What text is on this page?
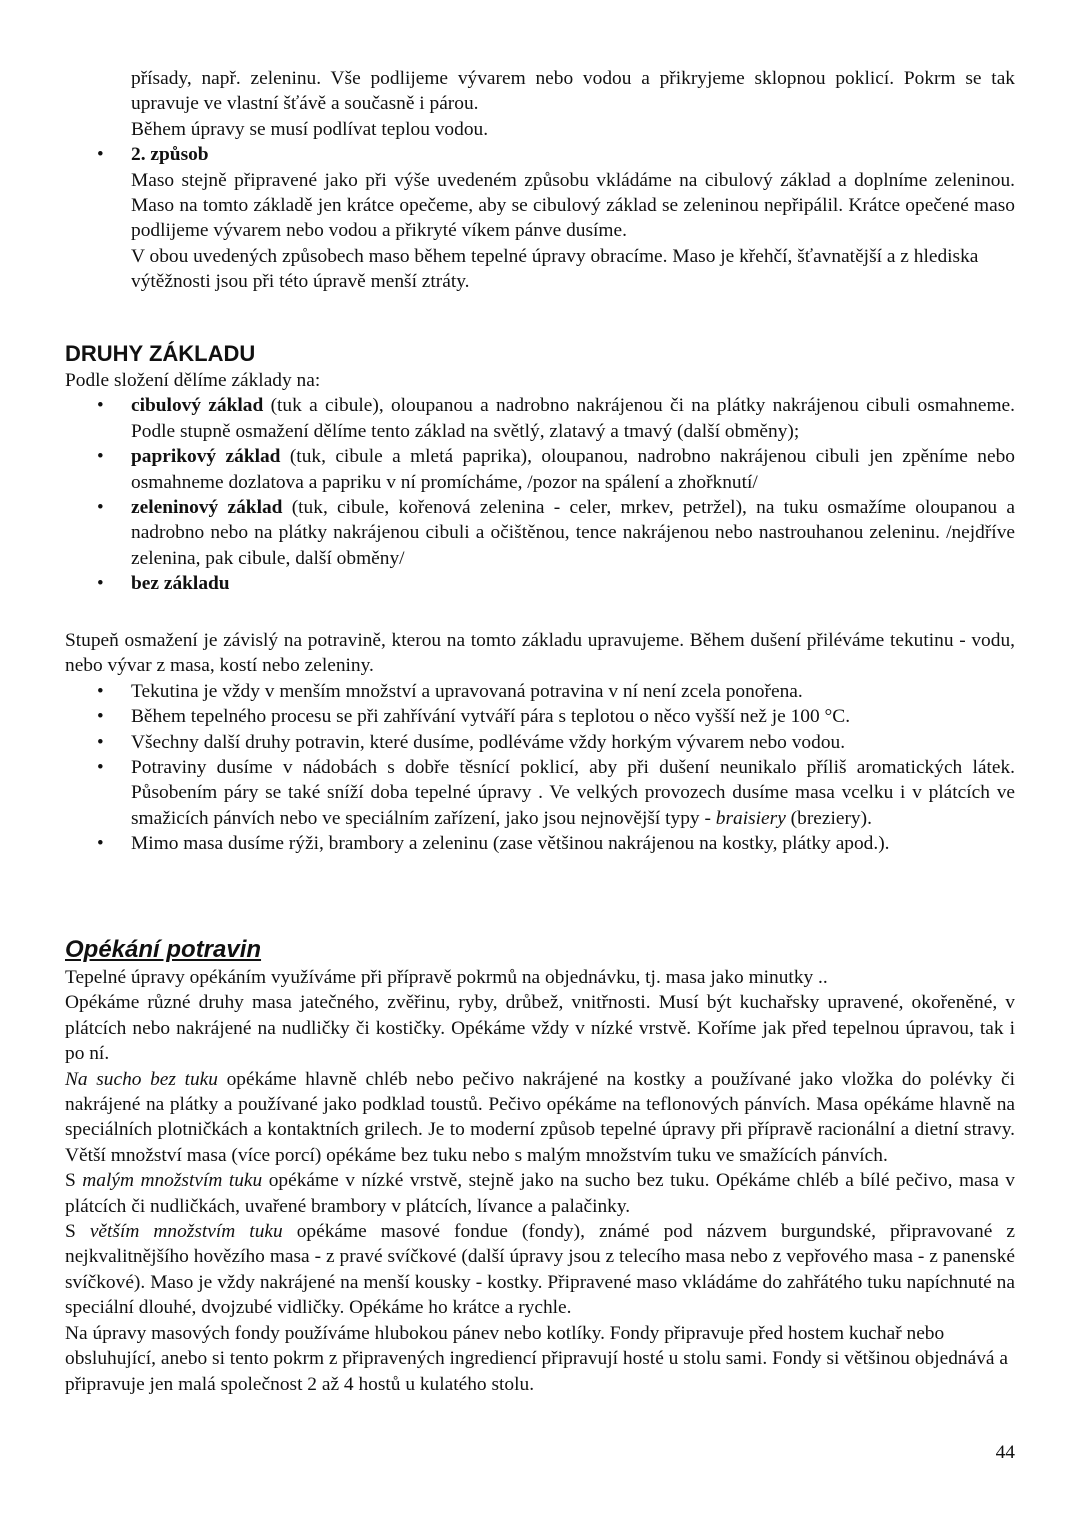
přísady, např. zeleninu. Vše podlijeme vývarem nebo vodou a přikryjeme sklopnou poklicí. Pokrm se tak upravuje ve vlastní šťávě a současně i párou.

Během úpravy se musí podlívat teplou vodou.

• 2. způsob

Maso stejně připravené jako při výše uvedeném způsobu vkládáme na cibulový základ a doplníme zeleninou. Maso na tomto základě jen krátce opečeme, aby se cibulový základ se zeleninou nepřipálil. Krátce opečené maso podlijeme vývarem nebo vodou a přikryté víkem pánve dusíme.

V obou uvedených způsobech maso během tepelné úpravy obracíme. Maso je křehčí, šťavnatější a z hlediska výtěžnosti jsou při této úpravě menší ztráty.

DRUHY ZÁKLADU

Podle složení dělíme základy na:

• cibulový základ (tuk a cibule), oloupanou a nadrobno nakrájenou či na plátky nakrájenou cibuli osmahneme. Podle stupně osmažení dělíme tento základ na světlý, zlatavý a tmavý (další obměny);
• paprikový základ (tuk, cibule a mletá paprika), oloupanou, nadrobno nakrájenou cibuli jen zpěníme nebo osmahneme dozlatova a papriku v ní promícháme, /pozor na spálení a zhořknutí/
• zeleninový základ (tuk, cibule, kořenová zelenina - celer, mrkev, petržel), na tuku osmažíme oloupanou a nadrobno nebo na plátky nakrájenou cibuli a očištěnou, tence nakrájenou nebo nastrouhanou zeleninu. /nejdříve zelenina, pak cibule, další obměny/
• bez základu

Stupeň osmažení je závislý na potravině, kterou na tomto základu upravujeme. Během dušení přiléváme tekutinu - vodu, nebo vývar z masa, kostí nebo zeleniny.

• Tekutina je vždy v menším množství a upravovaná potravina v ní není zcela ponořena.
• Během tepelného procesu se při zahřívání vytváří pára s teplotou o něco vyšší než je 100 °C.
• Všechny další druhy potravin, které dusíme, podléváme vždy horkým vývarem nebo vodou.
• Potraviny dusíme v nádobách s dobře těsnící poklicí, aby při dušení neunikalo příliš aromatických látek. Působením páry se také sníží doba tepelné úpravy . Ve velkých provozech dusíme masa vcelku i v plátcích ve smažicích pánvích nebo ve speciálním zařízení, jako jsou nejnovější typy - braisiery (breziery).
• Mimo masa dusíme rýži, brambory a zeleninu (zase většinou nakrájenou na kostky, plátky apod.).
Opékání potravin

Tepelné úpravy opékáním využíváme při přípravě pokrmů na objednávku, tj. masa jako minutky ..

Opékáme různé druhy masa jatečného, zvěřinu, ryby, drůbež, vnitřnosti. Musí být kuchařsky upravené, okořeněné, v plátcích nebo nakrájené na nudličky či kostičky. Opékáme vždy v nízké vrstvě. Koříme jak před tepelnou úpravou, tak i po ní.

Na sucho bez tuku opékáme hlavně chléb nebo pečivo nakrájené na kostky a používané jako vložka do polévky či nakrájené na plátky a používané jako podklad toustů. Pečivo opékáme na teflonových pánvích. Masa opékáme hlavně na speciálních plotničkách a kontaktních grilech. Je to moderní způsob tepelné úpravy při přípravě racionální a dietní stravy. Větší množství masa (více porcí) opékáme bez tuku nebo s malým množstvím tuku ve smažících pánvích.

S malým množstvím tuku opékáme v nízké vrstvě, stejně jako na sucho bez tuku. Opékáme chléb a bílé pečivo, masa v plátcích či nudličkách, uvařené brambory v plátcích, lívance a palačinky.

S větším množstvím tuku opékáme masové fondue (fondy), známé pod názvem burgundské, připravované z nejkvalitnějšího hovězího masa - z pravé svíčkové (další úpravy jsou z telecího masa nebo z vepřového masa - z panenské svíčkové). Maso je vždy nakrájené na menší kousky - kostky. Připravené maso vkládáme do zahřátého tuku napíchnuté na speciální dlouhé, dvojzubé vidličky. Opékáme ho krátce a rychle.

Na úpravy masových fondy používáme hlubokou pánev nebo kotlíky. Fondy připravuje před hostem kuchař nebo obsluhující, anebo si tento pokrm z připravených ingrediencí připravují hosté u stolu sami. Fondy si většinou objednává a připravuje jen malá společnost 2 až 4 hostů u kulatého stolu.

44
